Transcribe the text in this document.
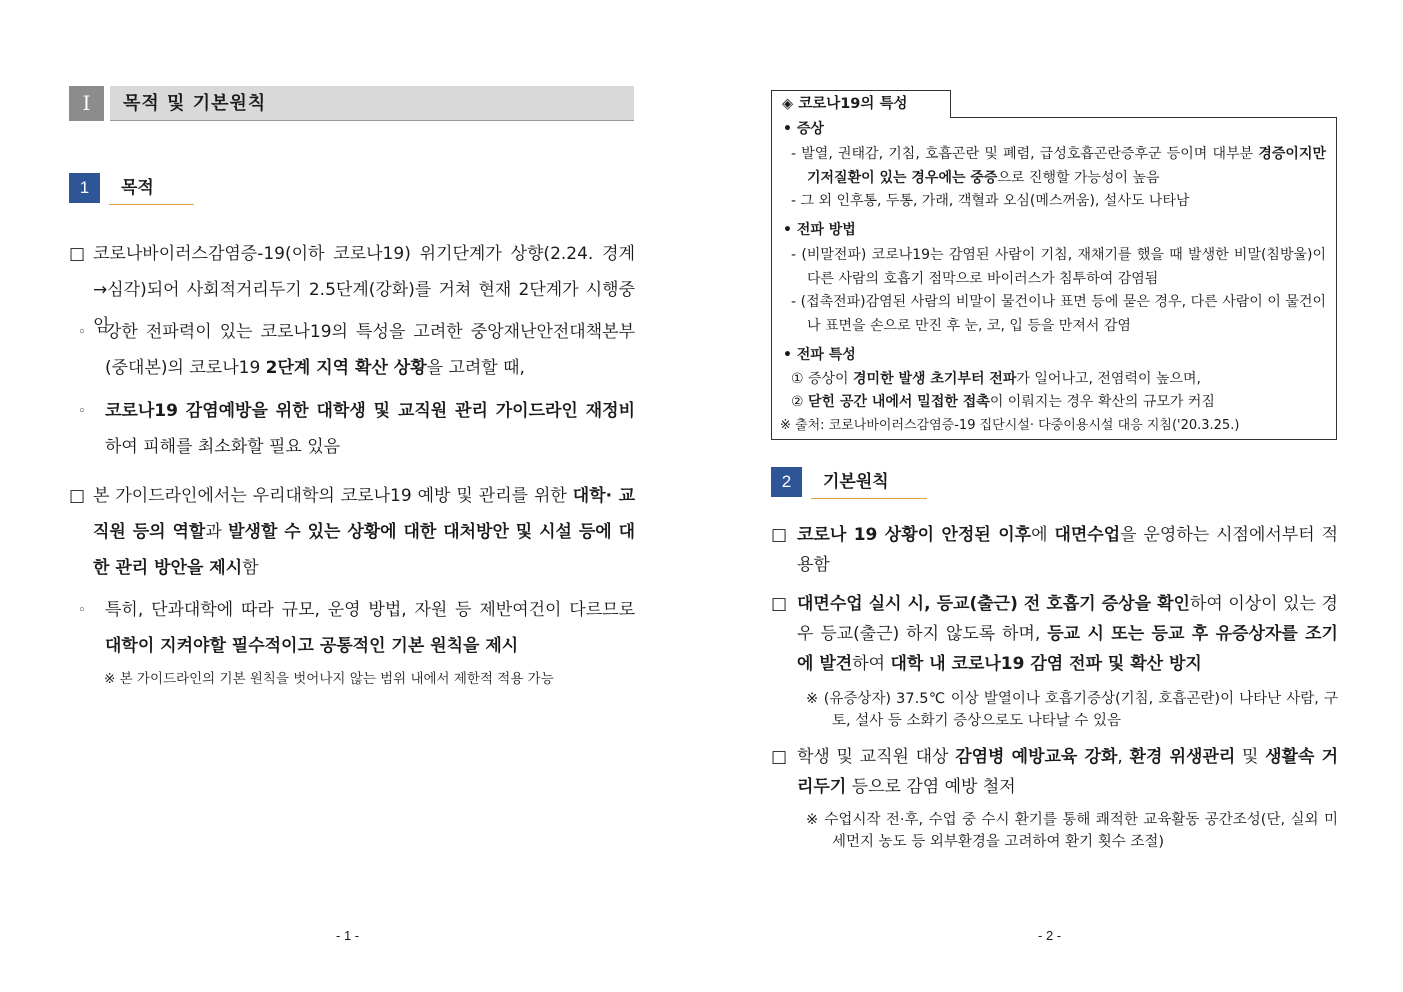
Ⅰ	목적 및 기본원칙
1	목적
□ 코로나바이러스감염증-19(이하 코로나19) 위기단계가 상향(2.24. 경계→심각)되어 사회적거리두기 2.5단계(강화)를 거쳐 현재 2단계가 시행중임
◦	강한 전파력이 있는 코로나19의 특성을 고려한 중앙재난안전대책본부(중대본)의 코로나19 2단계 지역 확산 상황을 고려할 때,
◦	코로나19 감염예방을 위한 대학생 및 교직원 관리 가이드라인 재정비하여 피해를 최소화할 필요 있음
□ 본 가이드라인에서는 우리대학의 코로나19 예방 및 관리를 위한 대학· 교직원 등의 역할과 발생할 수 있는 상황에 대한 대처방안 및 시설 등에 대한 관리 방안을 제시함
◦	특히, 단과대학에 따라 규모, 운영 방법, 자원 등 제반여건이 다르므로 대학이 지켜야할 필수적이고 공통적인 기본 원칙을 제시
※ 본 가이드라인의 기본 원칙을 벗어나지 않는 범위 내에서 제한적 적용 가능
- 1 -
◈ 코로나19의 특성
• 증상
- 발열, 권태감, 기침, 호흡곤란 및 폐렴, 급성호흡곤란증후군 등이며 대부분 경증이지만 기저질환이 있는 경우에는 중증으로 진행할 가능성이 높음
- 그 외 인후통, 두통, 가래, 객혈과 오심(메스꺼움), 설사도 나타남
• 전파 방법
- (비말전파) 코로나19는 감염된 사람이 기침, 재채기를 했을 때 발생한 비말(침방울)이 다른 사람의 호흡기 점막으로 바이러스가 침투하여 감염됨
- (접촉전파)감염된 사람의 비말이 물건이나 표면 등에 묻은 경우, 다른 사람이 이 물건이나 표면을 손으로 만진 후 눈, 코, 입 등을 만져서 감염
• 전파 특성
① 증상이 경미한 발생 초기부터 전파가 일어나고, 전염력이 높으며,
② 닫힌 공간 내에서 밀접한 접촉이 이뤄지는 경우 확산의 규모가 커짐
※ 출처: 코로나바이러스감염증-19 집단시설· 다중이용시설 대응 지침('20.3.25.)
2	기본원칙
□ 코로나 19 상황이 안정된 이후에 대면수업을 운영하는 시점에서부터 적용함
□ 대면수업 실시 시, 등교(출근) 전 호흡기 증상을 확인하여 이상이 있는 경우 등교(출근) 하지 않도록 하며, 등교 시 또는 등교 후 유증상자를 조기에 발견하여 대학 내 코로나19 감염 전파 및 확산 방지
※ (유증상자) 37.5℃ 이상 발열이나 호흡기증상(기침, 호흡곤란)이 나타난 사람, 구토, 설사 등 소화기 증상으로도 나타날 수 있음
□ 학생 및 교직원 대상 감염병 예방교육 강화, 환경 위생관리 및 생활속 거리두기 등으로 감염 예방 철저
※ 수업시작 전·후, 수업 중 수시 환기를 통해 쾌적한 교육활동 공간조성(단, 실외 미세먼지 농도 등 외부환경을 고려하여 환기 횟수 조절)
- 2 -
